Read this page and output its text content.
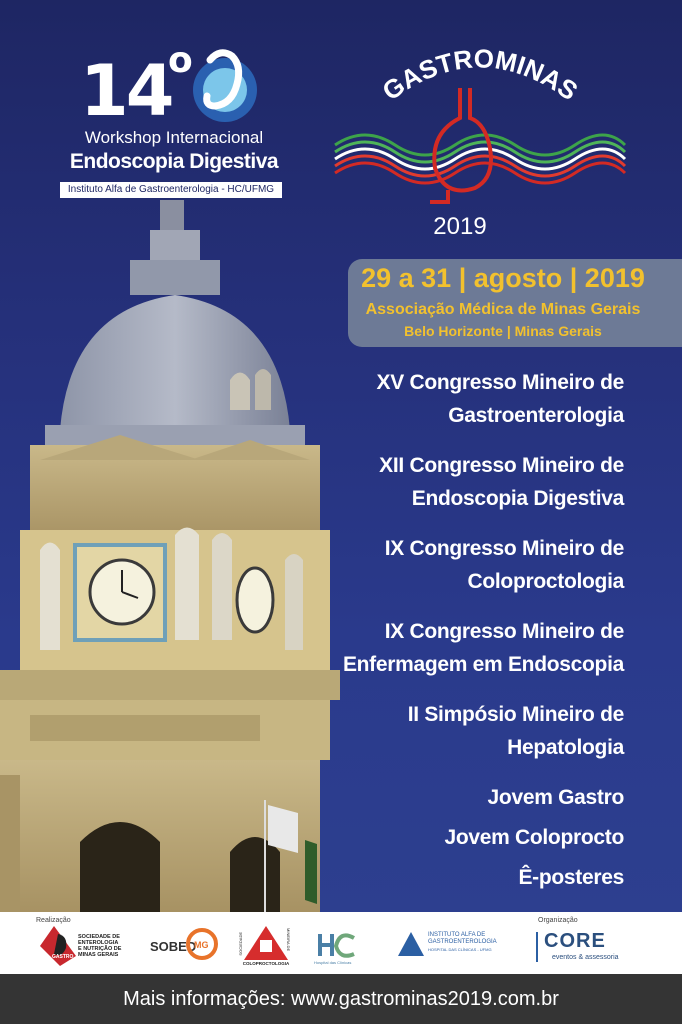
14
o
Workshop Internacional
Endoscopia Digestiva
Instituto Alfa de Gastroenterologia - HC/UFMG
GASTROMINAS
2019
29 a 31 | agosto | 2019
Associação Médica de Minas Gerais
Belo Horizonte | Minas Gerais
XV Congresso Mineiro de
Gastroenterologia
XII Congresso Mineiro de
Endoscopia Digestiva
IX Congresso Mineiro de
Coloproctologia
IX Congresso Mineiro de
Enfermagem em Endoscopia
II Simpósio Mineiro de
Hepatologia
Jovem Gastro
Jovem Coloprocto
Ê-posteres
Realização	Organização
SOCIEDADE DE
ENTEROLOGIA
E NUTRIÇÃO DE
MINAS GERAIS
GASTRO
SOBED
MG
COLOPROCTOLOGIA
SOCIEDADE	MINEIRA DE
Hospital das Clínicas
INSTITUTO ALFA DE
GASTROENTEROLOGIA
HOSPITAL DAS CLÍNICAS - UFMG	CORE
eventos & assessoria
Mais informações: www.gastrominas2019.com.br
